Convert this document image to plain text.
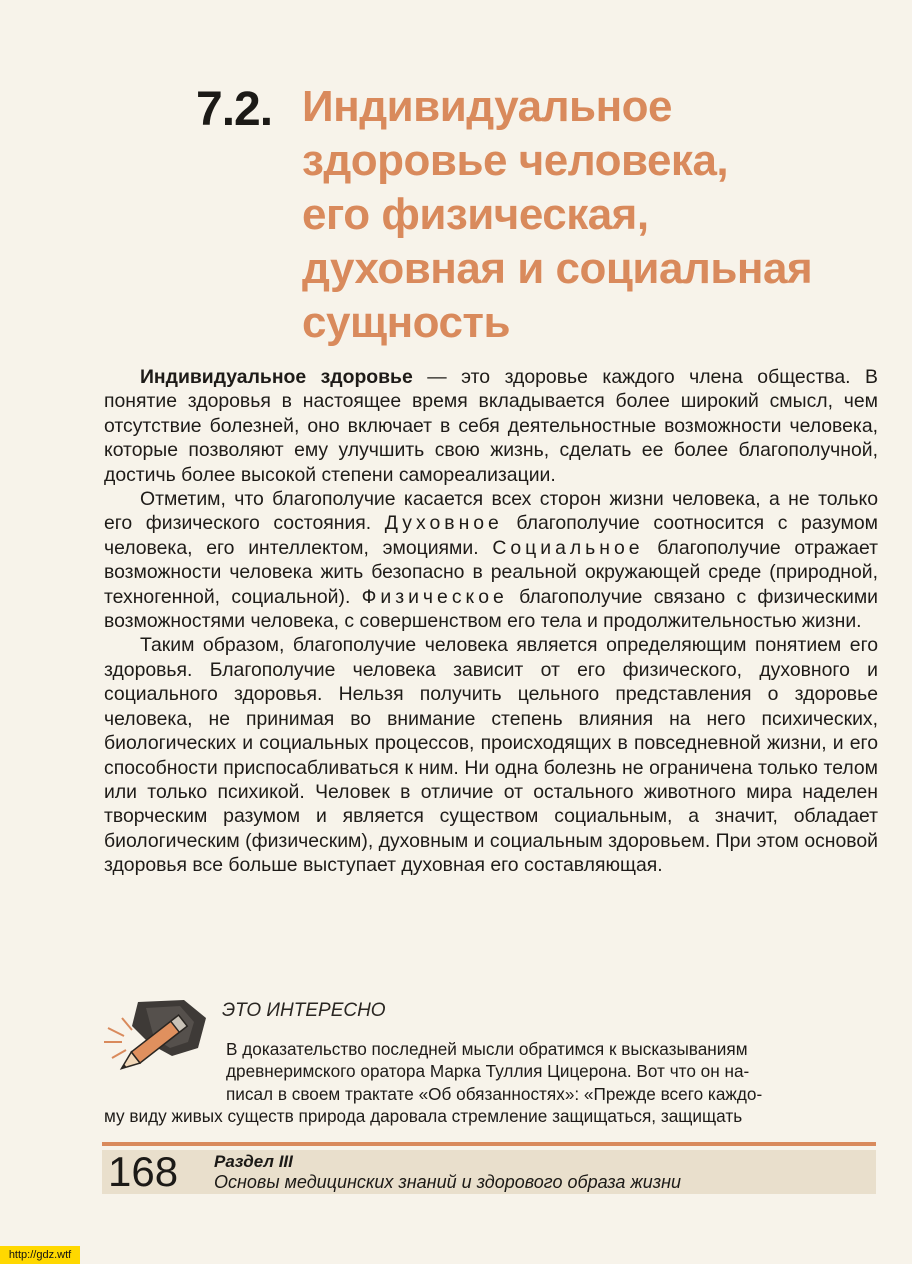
7.2. Индивидуальное
здоровье человека,
его физическая,
духовная и социальная
сущность

Индивидуальное здоровье — это здоровье каждого члена общества. В понятие здоровья в настоящее время вкладывается более широкий смысл, чем отсутствие болезней, оно включает в себя деятельностные возможности человека, которые позволяют ему улучшить свою жизнь, сделать ее более благополучной, достичь более высокой степени самореализации.

Отметим, что благополучие касается всех сторон жизни человека, а не только его физического состояния. Духовное благополучие соотносится с разумом человека, его интеллектом, эмоциями. Социальное благополучие отражает возможности человека жить безопасно в реальной окружающей среде (природной, техногенной, социальной). Физическое благополучие связано с физическими возможностями человека, с совершенством его тела и продолжительностью жизни.

Таким образом, благополучие человека является определяющим понятием его здоровья. Благополучие человека зависит от его физического, духовного и социального здоровья. Нельзя получить цельного представления о здоровье человека, не принимая во внимание степень влияния на него психических, биологических и социальных процессов, происходящих в повседневной жизни, и его способности приспосабливаться к ним. Ни одна болезнь не ограничена только телом или только психикой. Человек в отличие от остального животного мира наделен творческим разумом и является существом социальным, а значит, обладает биологическим (физическим), духовным и социальным здоровьем. При этом основой здоровья все больше выступает духовная его составляющая.

ЭТО ИНТЕРЕСНО
В доказательство последней мысли обратимся к высказываниям
древнеримского оратора Марка Туллия Цицерона. Вот что он на-
писал в своем трактате «Об обязанностях»: «Прежде всего каждо-
му виду живых существ природа даровала стремление защищаться, защищать
168 Раздел III
Основы медицинских знаний и здорового образа жизни
http://gdz.wtf
